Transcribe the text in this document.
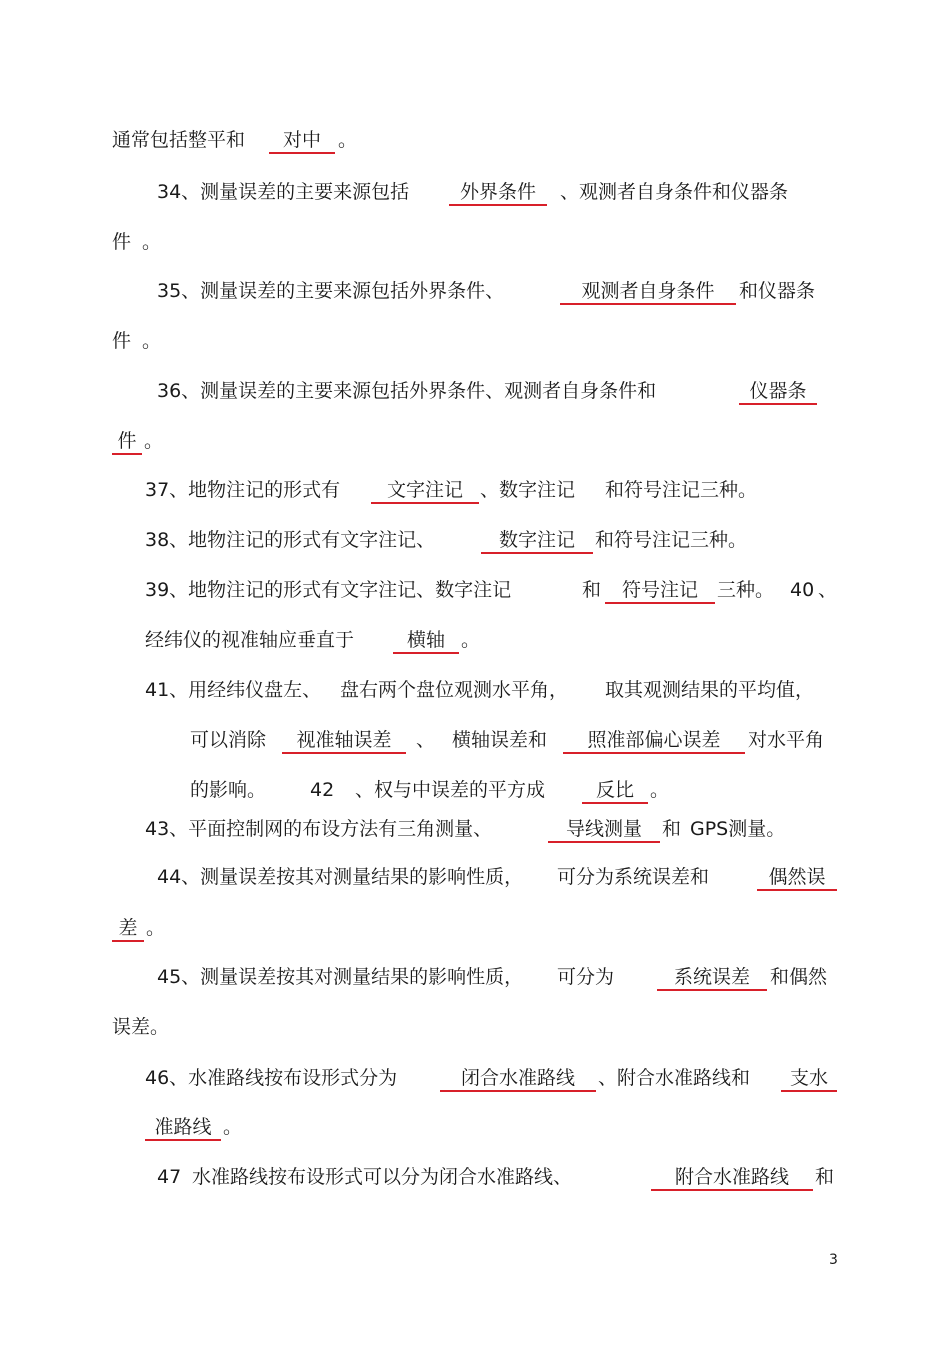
通常包括整平和	对中 。
34、测量误差的主要来源包括	外界条件	、观测者自身条件和仪器条
件 。
35、测量误差的主要来源包括外界条件、	观测者自身条件	和仪器条
件 。
36、测量误差的主要来源包括外界条件、观测者自身条件和	仪器条
件 。
37、地物注记的形式有	文字注记 、数字注记 和符号注记三种。
38、地物注记的形式有文字注记、	数字注记	和符号注记三种。
39、地物注记的形式有文字注记、数字注记	和	符号注记	三种。 40 、
经纬仪的视准轴应垂直于	横轴 。
41、用经纬仪盘左、 盘右两个盘位观测水平角， 取其观测结果的平均值，
可以消除	视准轴误差	、 横轴误差和	照准部偏心误差	对水平角
的影响。 42 、权与中误差的平方成	反比 。
43、平面控制网的布设方法有三角测量、	导线测量	和 GPS测量。
44、测量误差按其对测量结果的影响性质， 可分为系统误差和	偶然误
差 。
45、测量误差按其对测量结果的影响性质， 可分为	系统误差	和偶然
误差。
46、水准路线按布设形式分为	闭合水准路线	、附合水准路线和	支水
准路线 。
47 水准路线按布设形式可以分为闭合水准路线、	附合水准路线	和
3
